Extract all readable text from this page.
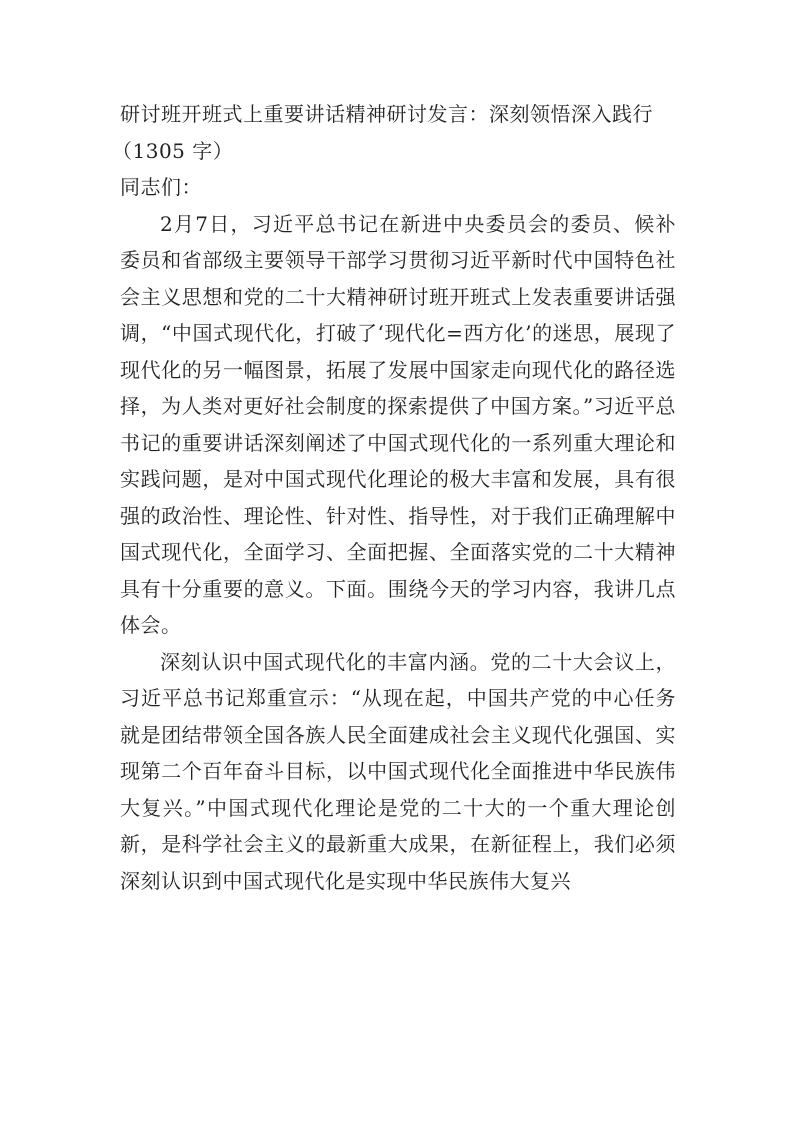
研讨班开班式上重要讲话精神研讨发言：深刻领悟深入践行

（1305 字）

同志们：

2月7日，习近平总书记在新进中央委员会的委员、候补委员和省部级主要领导干部学习贯彻习近平新时代中国特色社会主义思想和党的二十大精神研讨班开班式上发表重要讲话强调，“中国式现代化，打破了‘现代化=西方化’的迷思，展现了现代化的另一幅图景，拓展了发展中国家走向现代化的路径选择，为人类对更好社会制度的探索提供了中国方案。”习近平总书记的重要讲话深刻阐述了中国式现代化的一系列重大理论和实践问题，是对中国式现代化理论的极大丰富和发展，具有很强的政治性、理论性、针对性、指导性，对于我们正确理解中国式现代化，全面学习、全面把握、全面落实党的二十大精神具有十分重要的意义。下面。围绕今天的学习内容，我讲几点体会。

深刻认识中国式现代化的丰富内涵。党的二十大会议上，习近平总书记郑重宣示：“从现在起，中国共产党的中心任务就是团结带领全国各族人民全面建成社会主义现代化强国、实现第二个百年奋斗目标，以中国式现代化全面推进中华民族伟大复兴。”中国式现代化理论是党的二十大的一个重大理论创新，是科学社会主义的最新重大成果，在新征程上，我们必须深刻认识到中国式现代化是实现中华民族伟大复兴
